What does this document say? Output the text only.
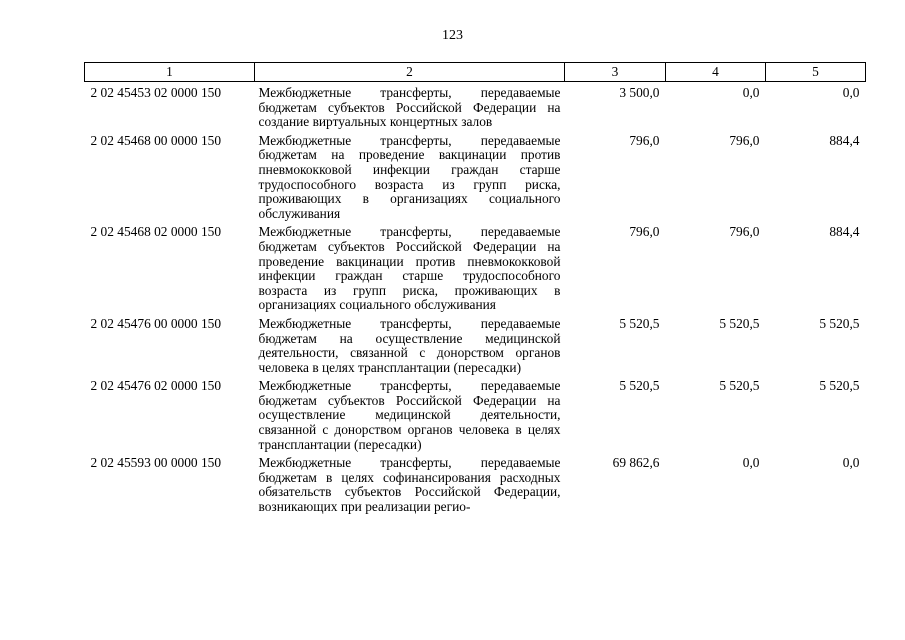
123
1	2	3	4	5
2 02 45453 02 0000 150	Межбюджетные трансферты, передаваемые бюджетам субъектов Российской Федерации на создание виртуальных концертных залов	3 500,0	0,0	0,0
2 02 45468 00 0000 150	Межбюджетные трансферты, передаваемые бюджетам на проведение вакцинации против пневмококковой инфекции граждан старше трудоспособного возраста из групп риска, проживающих в организациях социального обслуживания	796,0	796,0	884,4
2 02 45468 02 0000 150	Межбюджетные трансферты, передаваемые бюджетам субъектов Российской Федерации на проведение вакцинации против пневмококковой инфекции граждан старше трудоспособного возраста из групп риска, проживающих в организациях социального обслуживания	796,0	796,0	884,4
2 02 45476 00 0000 150	Межбюджетные трансферты, передаваемые бюджетам на осуществление медицинской деятельности, связанной с донорством органов человека в целях трансплантации (пересадки)	5 520,5	5 520,5	5 520,5
2 02 45476 02 0000 150	Межбюджетные трансферты, передаваемые бюджетам субъектов Российской Федерации на осуществление медицинской деятельности, связанной с донорством органов человека в целях трансплантации (пересадки)	5 520,5	5 520,5	5 520,5
2 02 45593 00 0000 150	Межбюджетные трансферты, передаваемые бюджетам в целях софинансирования расходных обязательств субъектов Российской Федерации, возникающих при реализации регио-	69 862,6	0,0	0,0
